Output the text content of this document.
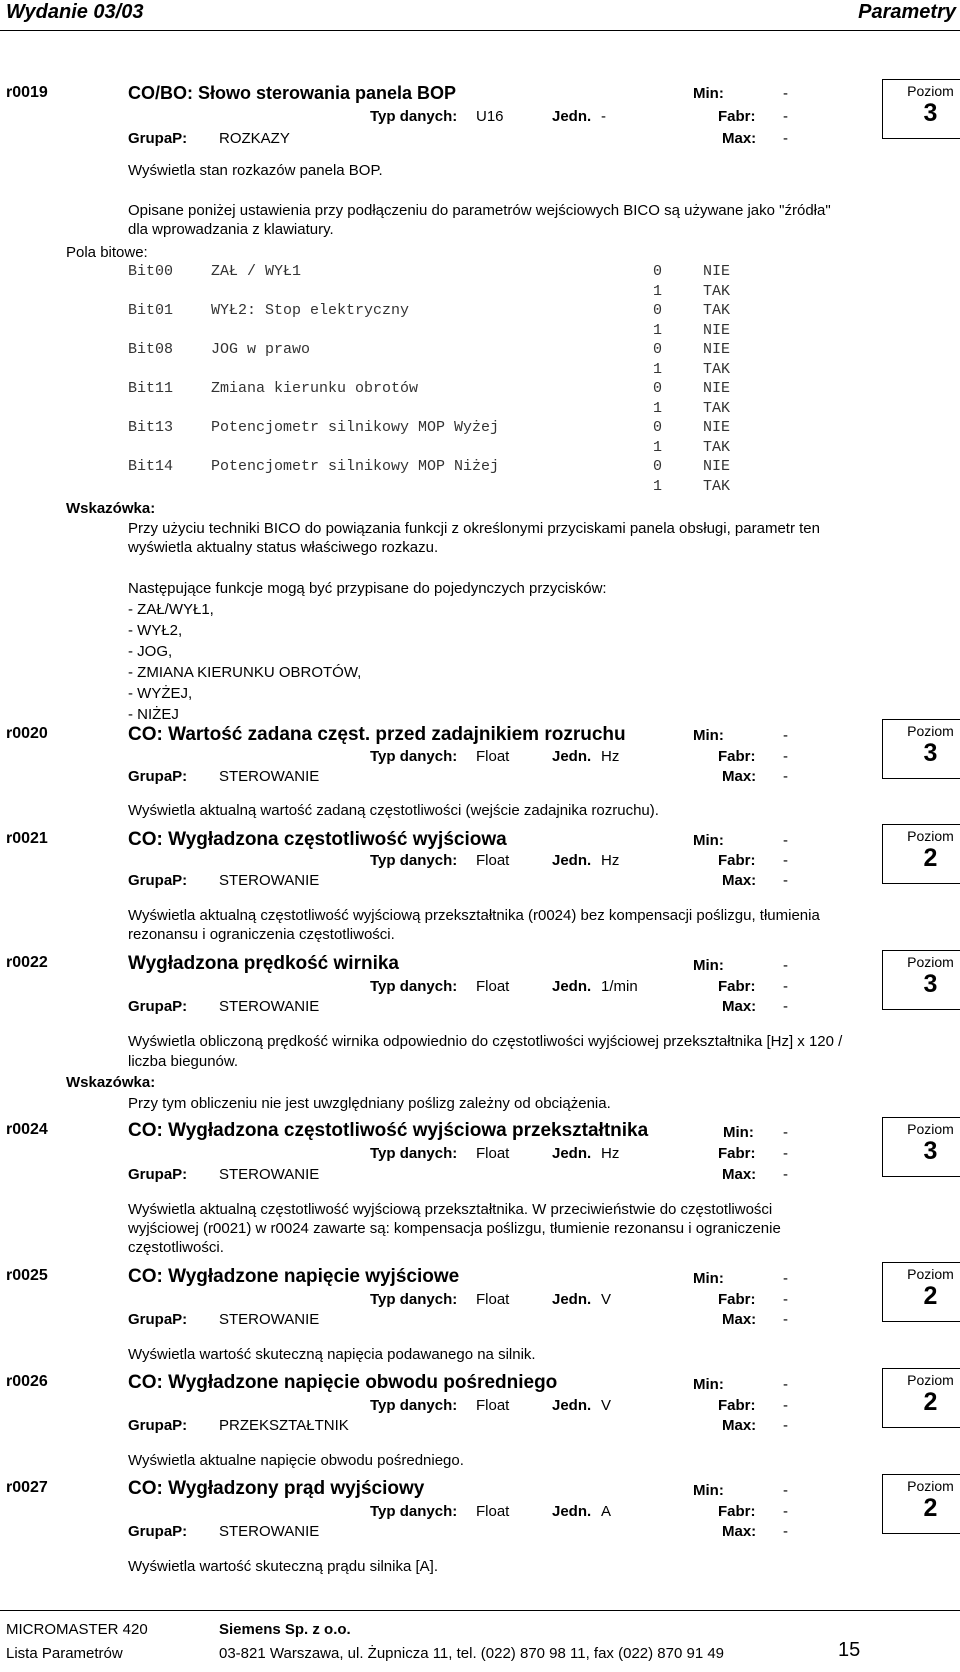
Wydanie 03/03	Parametry
r0019	CO/BO: Słowo sterowania panela BOP	Min:	-
Typ danych: U16	Jedn. -	Fabr: -
GrupaP: ROZKAZY	Max: -
Poziom
3
Wyświetla stan rozkazów panela BOP.
Opisane poniżej ustawienia przy podłączeniu do parametrów wejściowych BICO są używane jako "źródła"
dla wprowadzania z klawiatury.
Pola bitowe:
Bit00	ZAŁ / WYŁ1	0	NIE
1	TAK
Bit01	WYŁ2: Stop elektryczny	0	TAK
1	NIE
Bit08	JOG w prawo	0	NIE
1	TAK
Bit11	Zmiana kierunku obrotów	0	NIE
1	TAK
Bit13	Potencjometr silnikowy MOP Wyżej	0	NIE
1	TAK
Bit14	Potencjometr silnikowy MOP Niżej	0	NIE
1	TAK
Wskazówka:
Przy użyciu techniki BICO do powiązania funkcji z określonymi przyciskami panela obsługi, parametr ten
wyświetla aktualny status właściwego rozkazu.
Następujące funkcje mogą być przypisane do pojedynczych przycisków:
- ZAŁ/WYŁ1,
- WYŁ2,
- JOG,
- ZMIANA KIERUNKU OBROTÓW,
- WYŻEJ,
- NIŻEJ
r0020	CO: Wartość zadana częst. przed zadajnikiem rozruchu	Min:	-
Typ danych: Float	Jedn. Hz	Fabr: -
GrupaP: STEROWANIE	Max: -
Poziom
3
Wyświetla aktualną wartość zadaną częstotliwości (wejście zadajnika rozruchu).
r0021	CO: Wygładzona częstotliwość wyjściowa	Min:	-
Typ danych: Float	Jedn. Hz	Fabr: -
GrupaP: STEROWANIE	Max: -
Poziom
2
Wyświetla aktualną częstotliwość wyjściową przekształtnika (r0024) bez kompensacji poślizgu, tłumienia
rezonansu i ograniczenia częstotliwości.
r0022	Wygładzona prędkość wirnika	Min:	-
Typ danych: Float	Jedn. 1/min	Fabr: -
GrupaP: STEROWANIE	Max: -
Poziom
3
Wyświetla obliczoną prędkość wirnika odpowiednio do częstotliwości wyjściowej przekształtnika [Hz] x 120 /
liczba biegunów.
Wskazówka:
Przy tym obliczeniu nie jest uwzględniany poślizg zależny od obciążenia.
r0024	CO: Wygładzona częstotliwość wyjściowa przekształtnika	Min: -
Typ danych: Float	Jedn. Hz	Fabr: -
GrupaP: STEROWANIE	Max: -
Poziom
3
Wyświetla aktualną częstotliwość wyjściową przekształtnika. W przeciwieństwie do częstotliwości
wyjściowej (r0021) w r0024 zawarte są: kompensacja poślizgu, tłumienie rezonansu i ograniczenie
częstotliwości.
r0025	CO: Wygładzone napięcie wyjściowe	Min:	-
Typ danych: Float	Jedn. V	Fabr: -
GrupaP: STEROWANIE	Max: -
Poziom
2
Wyświetla wartość skuteczną napięcia podawanego na silnik.
r0026	CO: Wygładzone napięcie obwodu pośredniego	Min:	-
Typ danych: Float	Jedn. V	Fabr: -
GrupaP: PRZEKSZTAŁTNIK	Max: -
Poziom
2
Wyświetla aktualne napięcie obwodu pośredniego.
r0027	CO: Wygładzony prąd wyjściowy	Min:	-
Typ danych: Float	Jedn. A	Fabr: -
GrupaP: STEROWANIE	Max: -
Poziom
2
Wyświetla wartość skuteczną prądu silnika [A].
MICROMASTER 420
Lista Parametrów
Siemens Sp. z o.o.
03-821 Warszawa, ul. Żupnicza 11, tel. (022) 870 98 11, fax (022) 870 91 49	15
